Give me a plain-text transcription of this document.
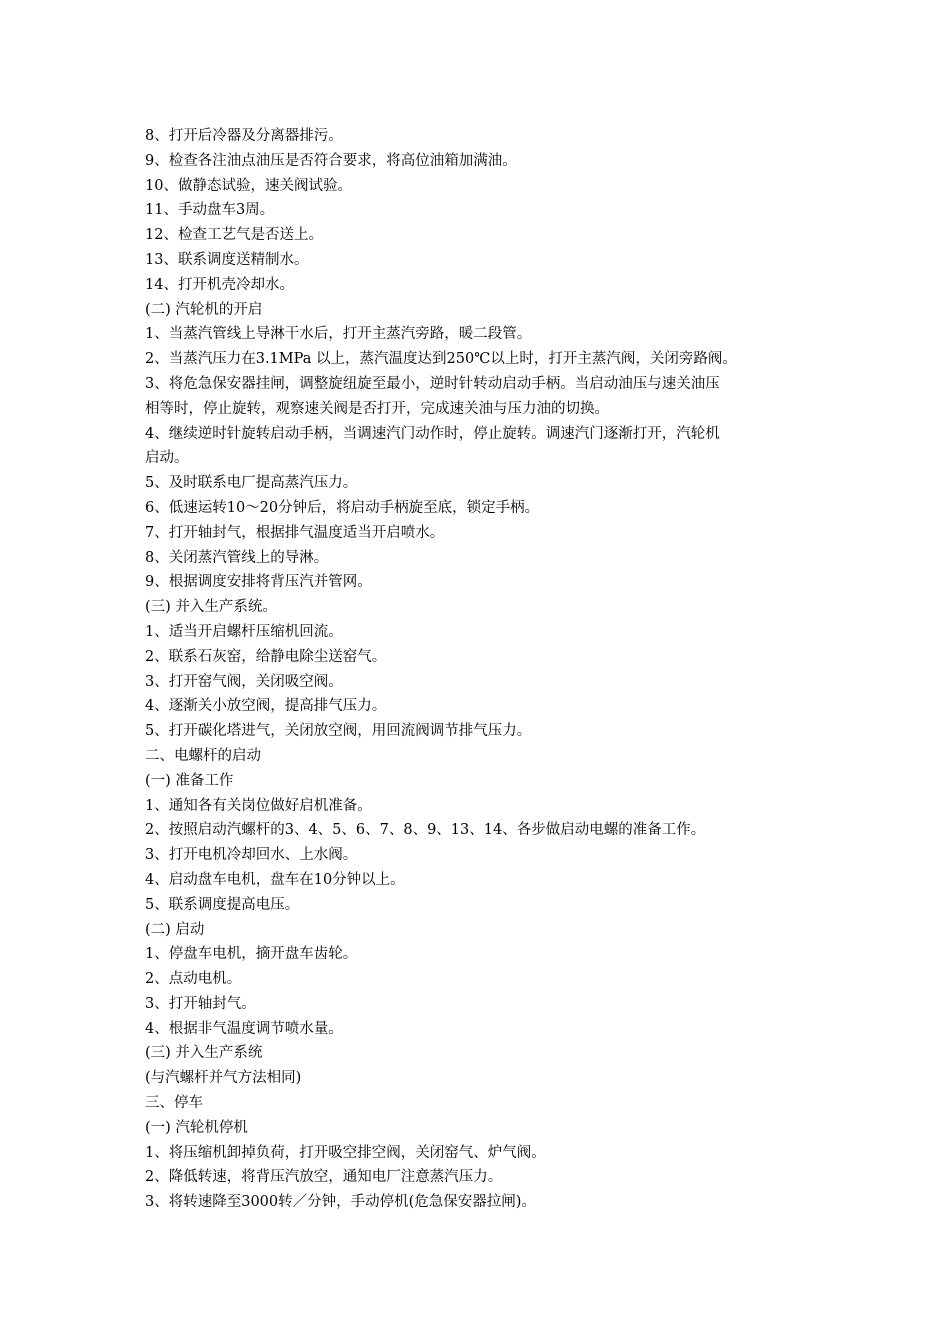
8、打开后冷器及分离器排污。

9、检查各注油点油压是否符合要求，将高位油箱加满油。

10、做静态试验，速关阀试验。

11、手动盘车3周。

12、检查工艺气是否送上。

13、联系调度送精制水。

14、打开机壳冷却水。

(二) 汽轮机的开启

1、当蒸汽管线上导淋干水后，打开主蒸汽旁路，暖二段管。

2、当蒸汽压力在3.1MPa 以上，蒸汽温度达到250℃以上时，打开主蒸汽阀，关闭旁路阀。

3、将危急保安器挂闸，调整旋纽旋至最小，逆时针转动启动手柄。当启动油压与速关油压

相等时，停止旋转，观察速关阀是否打开，完成速关油与压力油的切换。

4、继续逆时针旋转启动手柄，当调速汽门动作时，停止旋转。调速汽门逐渐打开，汽轮机

启动。

5、及时联系电厂提高蒸汽压力。

6、低速运转10～20分钟后，将启动手柄旋至底，锁定手柄。

7、打开轴封气，根据排气温度适当开启喷水。

8、关闭蒸汽管线上的导淋。

9、根据调度安排将背压汽并管网。

(三) 并入生产系统。

1、适当开启螺杆压缩机回流。

2、联系石灰窑，给静电除尘送窑气。

3、打开窑气阀，关闭吸空阀。

4、逐渐关小放空阀，提高排气压力。

5、打开碳化塔进气，关闭放空阀，用回流阀调节排气压力。

二、电螺杆的启动

(一) 准备工作

1、通知各有关岗位做好启机准备。

2、按照启动汽螺杆的3、4、5、6、7、8、9、13、14、各步做启动电螺的准备工作。

3、打开电机冷却回水、上水阀。

4、启动盘车电机，盘车在10分钟以上。

5、联系调度提高电压。

(二) 启动

1、停盘车电机，摘开盘车齿轮。

2、点动电机。

3、打开轴封气。

4、根据非气温度调节喷水量。

(三) 并入生产系统

(与汽螺杆并气方法相同)

三、停车

(一) 汽轮机停机

1、将压缩机卸掉负荷，打开吸空排空阀，关闭窑气、炉气阀。

2、降低转速，将背压汽放空，通知电厂注意蒸汽压力。

3、将转速降至3000转／分钟，手动停机(危急保安器拉闸)。
